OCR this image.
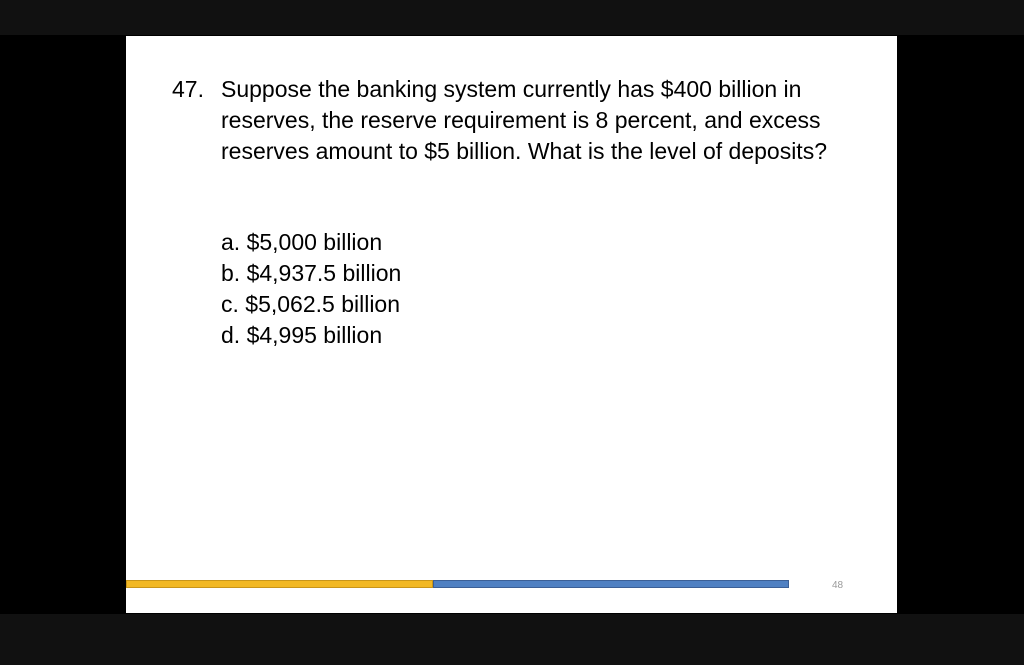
47. Suppose the banking system currently has $400 billion in reserves, the reserve requirement is 8 percent, and excess reserves amount to $5 billion. What is the level of deposits?
a. $5,000 billion
b. $4,937.5 billion
c. $5,062.5 billion
d. $4,995 billion
48
